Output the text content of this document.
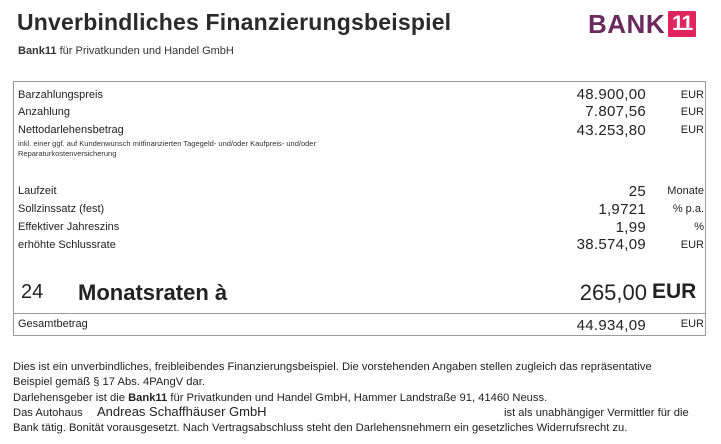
Unverbindliches Finanzierungsbeispiel
Bank11 für Privatkunden und Handel GmbH
BANK 11
Barzahlungspreis	48.900,00	EUR
Anzahlung	7.807,56	EUR
Nettodarlehensbetrag	43.253,80	EUR
inkl. einer ggf. auf Kundenwunsch mitfinanzierten Tagegeld- und/oder Kaufpreis- und/oder Reparaturkostenversicherung
Laufzeit	25	Monate
Sollzinssatz (fest)	1,9721	% p.a.
Effektiver Jahreszins	1,99	%
erhöhte Schlussrate	38.574,09	EUR
24 Monatsraten à	265,00 EUR
Gesamtbetrag	44.934,09	EUR
Dies ist ein unverbindliches, freibleibendes Finanzierungsbeispiel. Die vorstehenden Angaben stellen zugleich das repräsentative
Beispiel gemäß § 17 Abs. 4PAngV dar.
Darlehensgeber ist die Bank11 für Privatkunden und Handel GmbH, Hammer Landstraße 91, 41460 Neuss.
Das Autohaus Andreas Schaffhäuser GmbH	ist als unabhängiger Vermittler für die
Bank tätig. Bonität vorausgesetzt. Nach Vertragsabschluss steht den Darlehensnehmern ein gesetzliches Widerrufsrecht zu.
